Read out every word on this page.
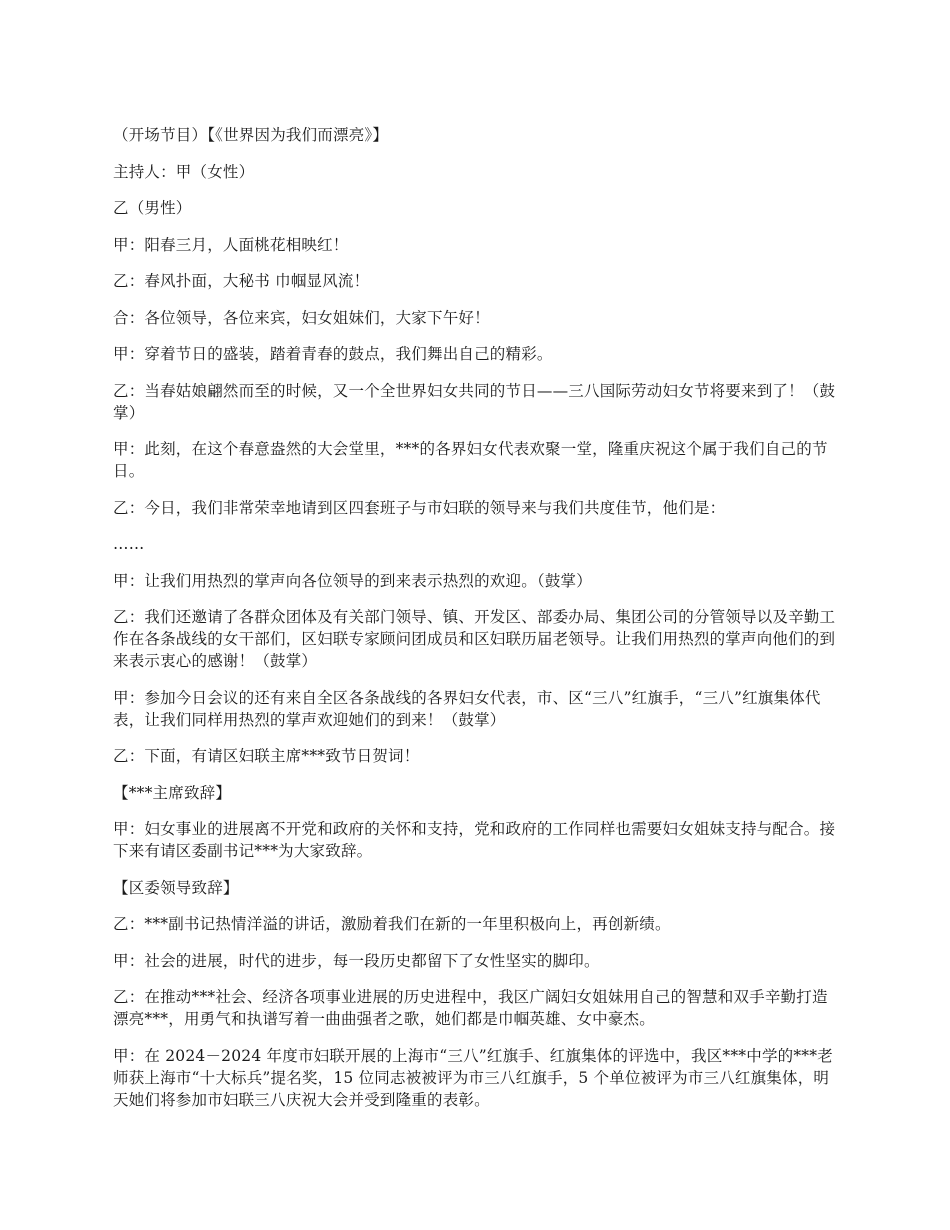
（开场节目）【《世界因为我们而漂亮》】

主持人：甲（女性）

乙（男性）

甲：阳春三月，人面桃花相映红！

乙：春风扑面，大秘书 巾帼显风流！

合：各位领导，各位来宾，妇女姐妹们，大家下午好！

甲：穿着节日的盛装，踏着青春的鼓点，我们舞出自己的精彩。

乙：当春姑娘翩然而至的时候，又一个全世界妇女共同的节日——三八国际劳动妇女节将要来到了！（鼓掌）

甲：此刻，在这个春意盎然的大会堂里，***的各界妇女代表欢聚一堂，隆重庆祝这个属于我们自己的节日。

乙：今日，我们非常荣幸地请到区四套班子与市妇联的领导来与我们共度佳节，他们是：

……

甲：让我们用热烈的掌声向各位领导的到来表示热烈的欢迎。（鼓掌）

乙：我们还邀请了各群众团体及有关部门领导、镇、开发区、部委办局、集团公司的分管领导以及辛勤工作在各条战线的女干部们，区妇联专家顾问团成员和区妇联历届老领导。让我们用热烈的掌声向他们的到来表示衷心的感谢！（鼓掌）

甲：参加今日会议的还有来自全区各条战线的各界妇女代表，市、区“三八”红旗手，“三八”红旗集体代表，让我们同样用热烈的掌声欢迎她们的到来！（鼓掌）

乙：下面，有请区妇联主席***致节日贺词！

【***主席致辞】

甲：妇女事业的进展离不开党和政府的关怀和支持，党和政府的工作同样也需要妇女姐妹支持与配合。接下来有请区委副书记***为大家致辞。

【区委领导致辞】

乙：***副书记热情洋溢的讲话，激励着我们在新的一年里积极向上，再创新绩。

甲：社会的进展，时代的进步，每一段历史都留下了女性坚实的脚印。

乙：在推动***社会、经济各项事业进展的历史进程中，我区广阔妇女姐妹用自己的智慧和双手辛勤打造漂亮***，用勇气和执谱写着一曲曲强者之歌，她们都是巾帼英雄、女中豪杰。

甲：在 2024－2024 年度市妇联开展的上海市“三八”红旗手、红旗集体的评选中，我区***中学的***老师获上海市“十大标兵”提名奖，15 位同志被被评为市三八红旗手，5 个单位被评为市三八红旗集体，明天她们将参加市妇联三八庆祝大会并受到隆重的表彰。
